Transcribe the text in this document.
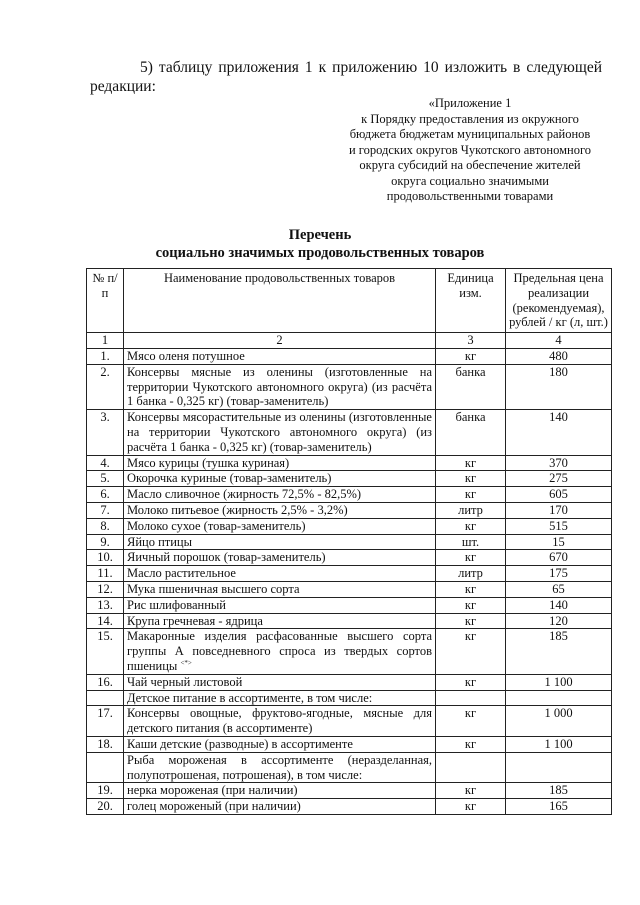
5) таблицу приложения 1 к приложению 10 изложить в следующей
редакции:
«Приложение 1
к Порядку предоставления из окружного
бюджета бюджетам муниципальных районов
и городских округов Чукотского автономного
округа субсидий на обеспечение жителей
округа социально значимыми
продовольственными товарами
Перечень
социально значимых продовольственных товаров
№ п/п	Наименование продовольственных товаров	Единица изм.	Предельная цена реализации (рекомендуемая), рублей / кг (л, шт.)
1	2	3	4
1.	Мясо оленя потушное	кг	480
2.	Консервы мясные из оленины (изготовленные на территории Чукотского автономного округа) (из расчёта 1 банка - 0,325 кг) (товар-заменитель)	банка	180
3.	Консервы мясорастительные из оленины (изготовленные на территории Чукотского автономного округа) (из расчёта 1 банка - 0,325 кг) (товар-заменитель)	банка	140
4.	Мясо курицы (тушка куриная)	кг	370
5.	Окорочка куриные (товар-заменитель)	кг	275
6.	Масло сливочное (жирность 72,5% - 82,5%)	кг	605
7.	Молоко питьевое (жирность 2,5% - 3,2%)	литр	170
8.	Молоко сухое (товар-заменитель)	кг	515
9.	Яйцо птицы	шт.	15
10.	Яичный порошок (товар-заменитель)	кг	670
11.	Масло растительное	литр	175
12.	Мука пшеничная высшего сорта	кг	65
13.	Рис шлифованный	кг	140
14.	Крупа гречневая - ядрица	кг	120
15.	Макаронные изделия расфасованные высшего сорта группы А повседневного спроса из твердых сортов пшеницы <*>	кг	185
16.	Чай черный листовой	кг	1 100
	Детское питание в ассортименте, в том числе:		
17.	Консервы овощные, фруктово-ягодные, мясные для детского питания (в ассортименте)	кг	1 000
18.	Каши детские (разводные) в ассортименте	кг	1 100
	Рыба мороженая в ассортименте (неразделанная, полупотрошеная, потрошеная), в том числе:		
19.	нерка мороженая (при наличии)	кг	185
20.	голец мороженый (при наличии)	кг	165
